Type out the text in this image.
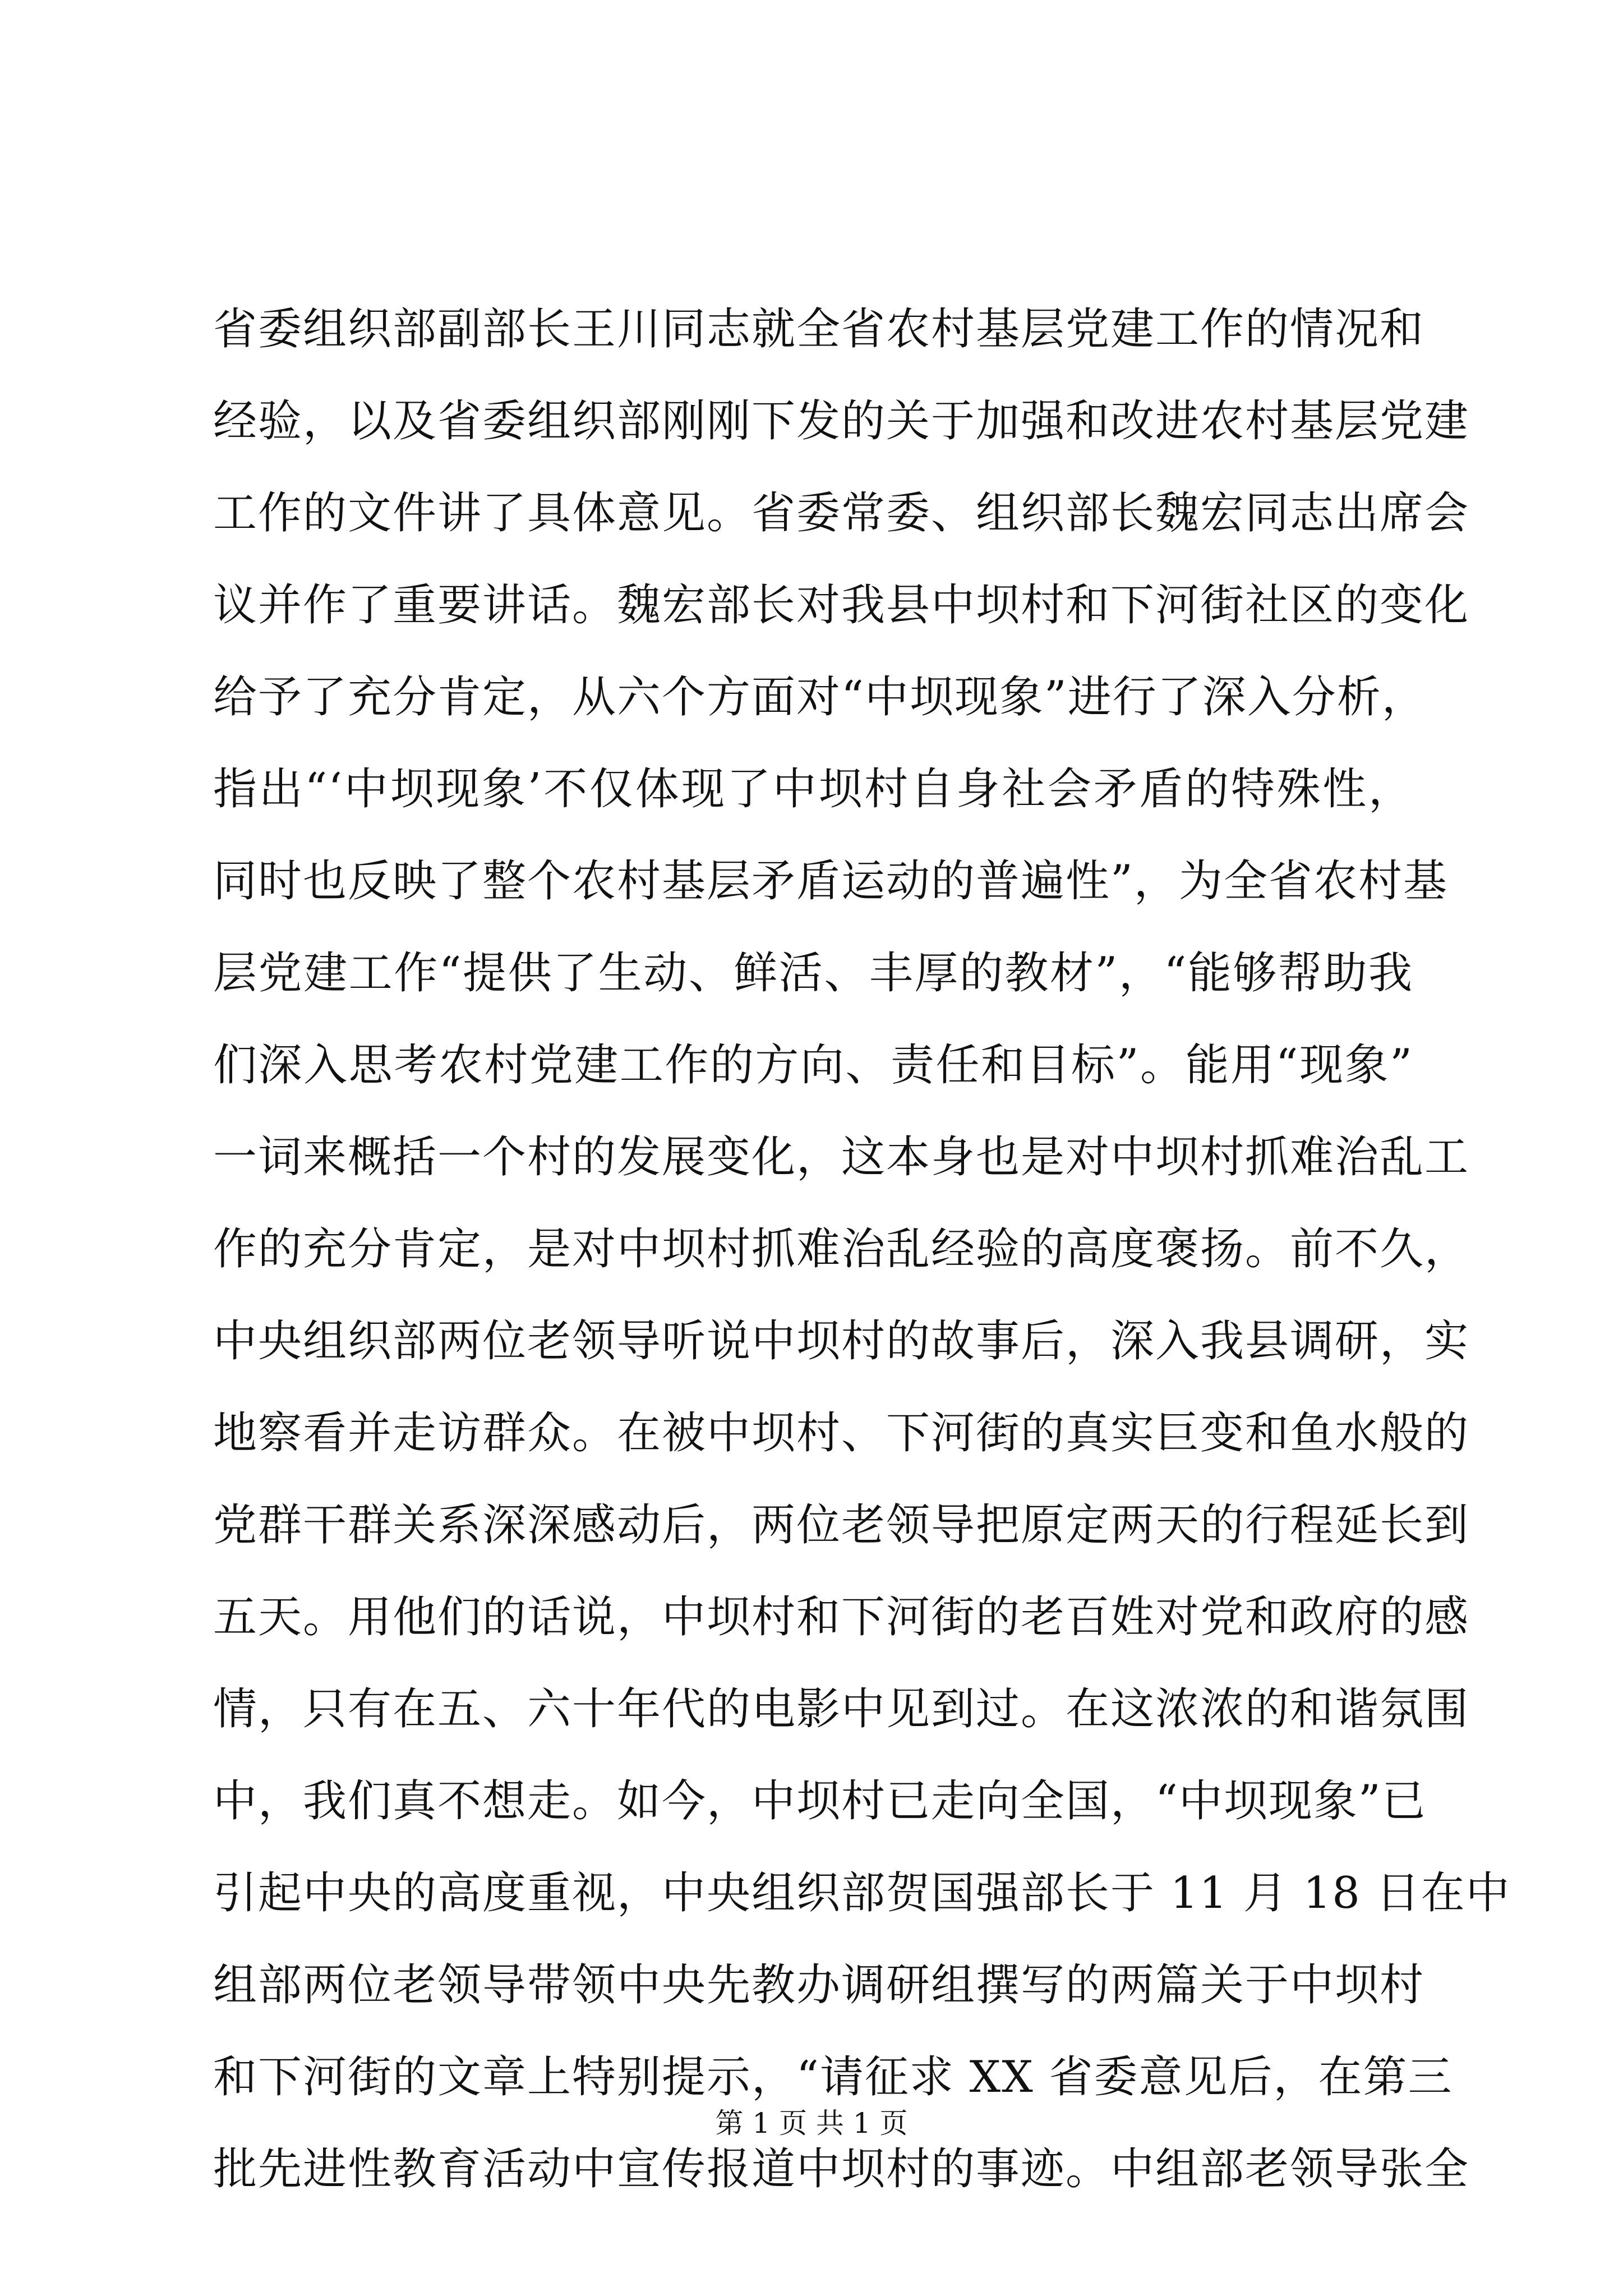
省委组织部副部长王川同志就全省农村基层党建工作的情况和
经验，以及省委组织部刚刚下发的关于加强和改进农村基层党建
工作的文件讲了具体意见。省委常委、组织部长魏宏同志出席会
议并作了重要讲话。魏宏部长对我县中坝村和下河街社区的变化
给予了充分肯定，从六个方面对“中坝现象”进行了深入分析，
指出“‘中坝现象’不仅体现了中坝村自身社会矛盾的特殊性，
同时也反映了整个农村基层矛盾运动的普遍性”，为全省农村基
层党建工作“提供了生动、鲜活、丰厚的教材”，“能够帮助我
们深入思考农村党建工作的方向、责任和目标”。能用“现象”
一词来概括一个村的发展变化，这本身也是对中坝村抓难治乱工
作的充分肯定，是对中坝村抓难治乱经验的高度褒扬。前不久，
中央组织部两位老领导听说中坝村的故事后，深入我县调研，实
地察看并走访群众。在被中坝村、下河街的真实巨变和鱼水般的
党群干群关系深深感动后，两位老领导把原定两天的行程延长到
五天。用他们的话说，中坝村和下河街的老百姓对党和政府的感
情，只有在五、六十年代的电影中见到过。在这浓浓的和谐氛围
中，我们真不想走。如今，中坝村已走向全国，“中坝现象”已
引起中央的高度重视，中央组织部贺国强部长于 11 月 18 日在中
组部两位老领导带领中央先教办调研组撰写的两篇关于中坝村
和下河街的文章上特别提示，“请征求 XX 省委意见后，在第三
批先进性教育活动中宣传报道中坝村的事迹。中组部老领导张全
第 1 页 共 1 页
